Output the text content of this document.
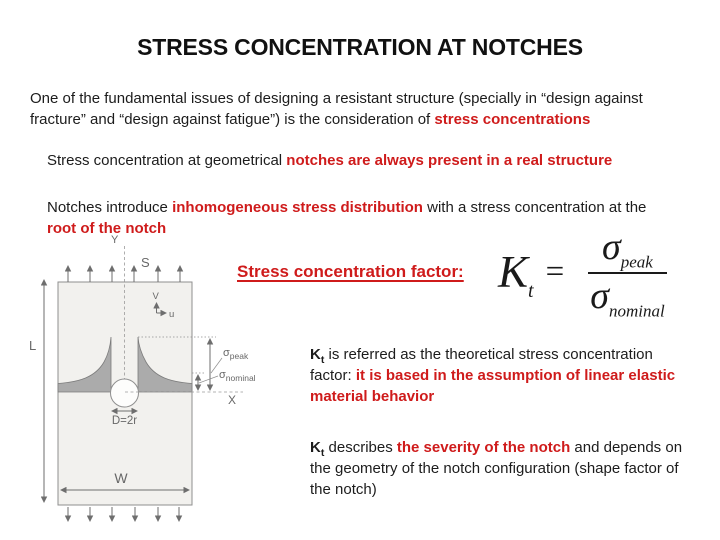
STRESS CONCENTRATION AT NOTCHES

One of the fundamental issues of designing a resistant structure (specially in “design against fracture” and “design against fatigue”) is the consideration of stress concentrations

Stress concentration at geometrical notches are always present in a real structure

Notches introduce inhomogeneous stress distribution with a stress concentration at the root of the notch

Stress concentration factor: $K_t$
= $\frac{\sigma_{peak}}{\sigma_{nominal}}$

$K_t$ is referred as the theoretical stress concentration factor: it is based in the assumption of linear elastic material behavior

$K_t$ describes the severity of the notch and depends on the geometry of the notch configuration (shape factor of the notch)

Y
S
L
V
u
X
$\sigma_{peak}$
$\sigma_{nominal}$
D=2r
W
